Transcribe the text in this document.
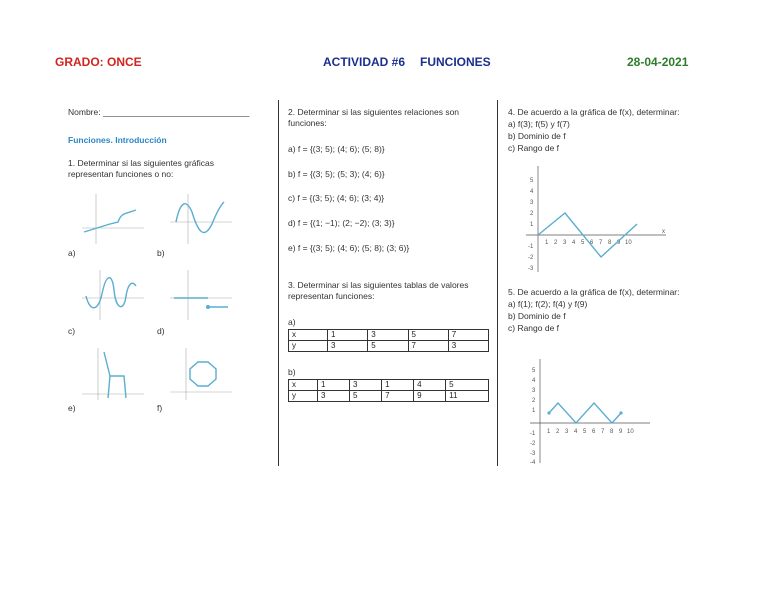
GRADO: ONCE	ACTIVIDAD #6 FUNCIONES	28-04-2021
Nombre: _______________________________
Funciones. Introducción
1. Determinar si las siguientes gráficas
representan funciones o no:
a)	b)
c)	d)
e)	f)
2. Determinar si las siguientes relaciones son
funciones:
a) f = {(3; 5); (4; 6); (5; 8)}
b) f = {(3; 5); (5; 3); (4; 6)}
c) f = {(3; 5); (4; 6); (3; 4)}
d) f = {(1; −1); (2; −2); (3; 3)}
e) f = {(3; 5); (4; 6); (5; 8); (3; 6)}
3. Determinar si las siguientes tablas de valores
representan funciones:
a)
x	1	3	5	7
y	3	5	7	3
b)
x	1	3	1	4	5
y	3	5	7	9	11
4. De acuerdo a la gráfica de f(x), determinar:
a) f(3); f(5) y f(7)
b) Dominio de f
c) Rango de f
x
1 2 3 4 5 6 7 8 9 10
5
4
3
2
1
-1
-2
-3
5. De acuerdo a la gráfica de f(x), determinar:
a) f(1); f(2); f(4) y f(9)
b) Dominio de f
c) Rango de f
1 2 3 4 5 6 7 8 9 10
5
4
3
2
1
-1
-2
-3
-4
